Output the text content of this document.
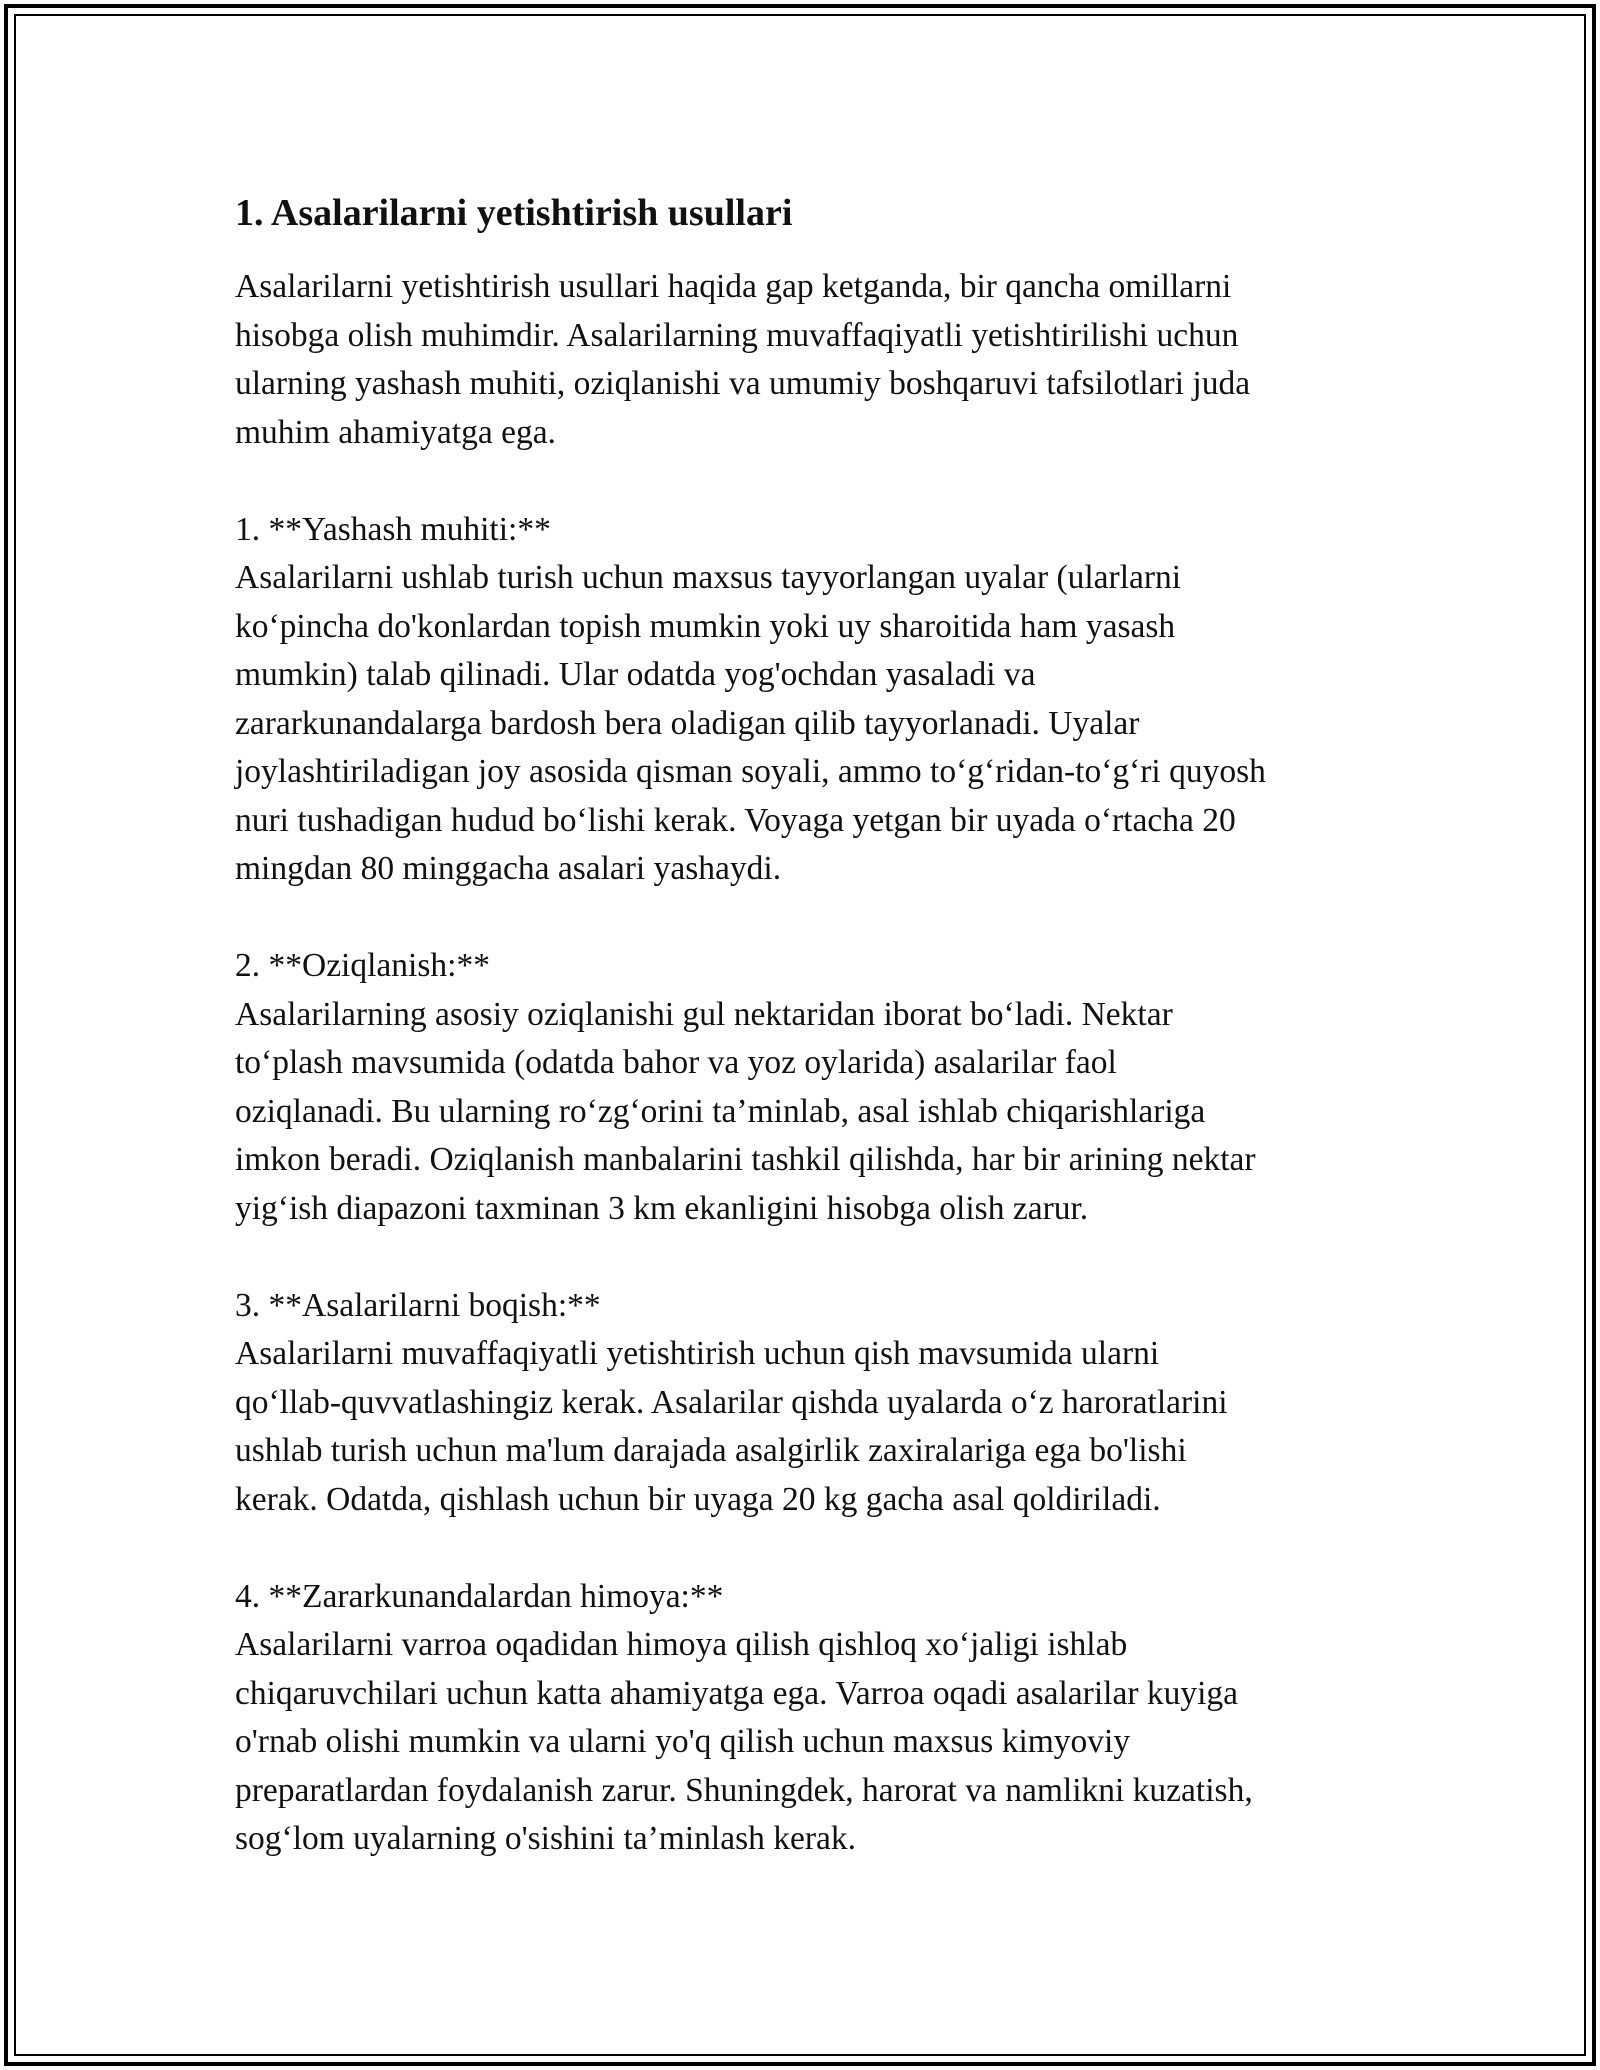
1. Asalarilarni yetishtirish usullari

Asalarilarni yetishtirish usullari haqida gap ketganda, bir qancha omillarni
hisobga olish muhimdir. Asalarilarning muvaffaqiyatli yetishtirilishi uchun
ularning yashash muhiti, oziqlanishi va umumiy boshqaruvi tafsilotlari juda
muhim ahamiyatga ega.

1. **Yashash muhiti:**

Asalarilarni ushlab turish uchun maxsus tayyorlangan uyalar (ularlarni
ko‘pincha do'konlardan topish mumkin yoki uy sharoitida ham yasash
mumkin) talab qilinadi. Ular odatda yog'ochdan yasaladi va
zararkunandalarga bardosh bera oladigan qilib tayyorlanadi. Uyalar
joylashtiriladigan joy asosida qisman soyali, ammo to‘g‘ridan-to‘g‘ri quyosh
nuri tushadigan hudud bo‘lishi kerak. Voyaga yetgan bir uyada o‘rtacha 20
mingdan 80 minggacha asalari yashaydi.

2. **Oziqlanish:**

Asalarilarning asosiy oziqlanishi gul nektaridan iborat bo‘ladi. Nektar
to‘plash mavsumida (odatda bahor va yoz oylarida) asalarilar faol
oziqlanadi. Bu ularning ro‘zg‘orini ta’minlab, asal ishlab chiqarishlariga
imkon beradi. Oziqlanish manbalarini tashkil qilishda, har bir arining nektar
yig‘ish diapazoni taxminan 3 km ekanligini hisobga olish zarur.

3. **Asalarilarni boqish:**

Asalarilarni muvaffaqiyatli yetishtirish uchun qish mavsumida ularni
qo‘llab-quvvatlashingiz kerak. Asalarilar qishda uyalarda o‘z haroratlarini
ushlab turish uchun ma'lum darajada asalgirlik zaxiralariga ega bo'lishi
kerak. Odatda, qishlash uchun bir uyaga 20 kg gacha asal qoldiriladi.

4. **Zararkunandalardan himoya:**

Asalarilarni varroa oqadidan himoya qilish qishloq xo‘jaligi ishlab
chiqaruvchilari uchun katta ahamiyatga ega. Varroa oqadi asalarilar kuyiga
o'rnab olishi mumkin va ularni yo'q qilish uchun maxsus kimyoviy
preparatlardan foydalanish zarur. Shuningdek, harorat va namlikni kuzatish,
sog‘lom uyalarning o'sishini ta’minlash kerak.
